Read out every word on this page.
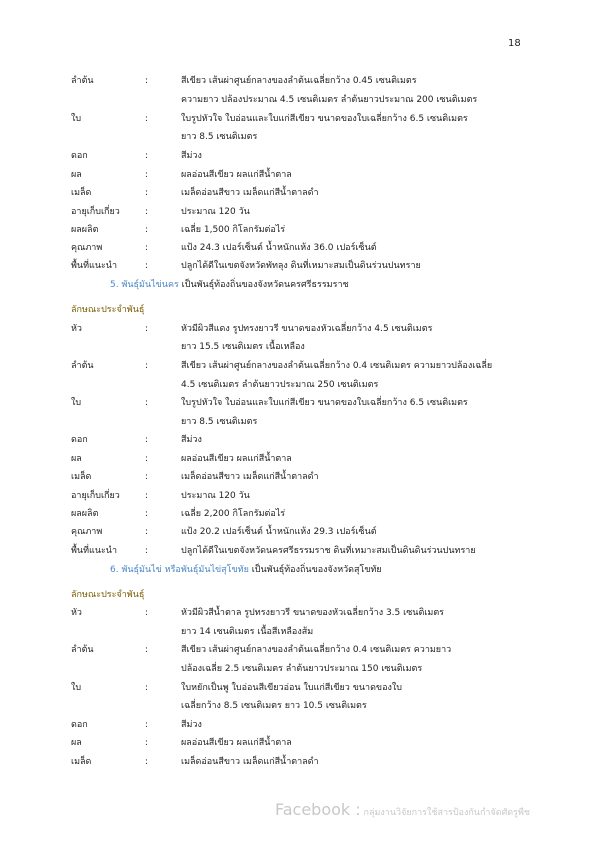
18
ลำต้น	:	สีเขียว เส้นผ่าศูนย์กลางของลำต้นเฉลี่ยกว้าง 0.45 เซนติเมตร
ความยาว ปล้องประมาณ 4.5 เซนติเมตร ลำต้นยาวประมาณ 200 เซนติเมตร
ใบ	:	ใบรูปหัวใจ ใบอ่อนและใบแก่สีเขียว ขนาดของใบเฉลี่ยกว้าง 6.5 เซนติเมตร
ยาว 8.5 เซนติเมตร
ดอก	:	สีม่วง
ผล	:	ผลอ่อนสีเขียว ผลแก่สีน้ำตาล
เมล็ด	:	เมล็ดอ่อนสีขาว เมล็ดแก่สีน้ำตาลดำ
อายุเก็บเกี่ยว	:	ประมาณ 120 วัน
ผลผลิต	:	เฉลี่ย 1,500 กิโลกรัมต่อไร่
คุณภาพ	:	แป้ง 24.3 เปอร์เซ็นต์ น้ำหนักแห้ง 36.0 เปอร์เซ็นต์
พื้นที่แนะนำ	:	ปลูกได้ดีในเขตจังหวัดพัทลุง ดินที่เหมาะสมเป็นดินร่วนปนทราย
5. พันธุ์มันไข่นคร เป็นพันธุ์ท้องถิ่นของจังหวัดนครศรีธรรมราช
ลักษณะประจำพันธุ์
หัว	:	หัวมีผิวสีแดง รูปทรงยาวรี ขนาดของหัวเฉลี่ยกว้าง 4.5 เซนติเมตร
ยาว 15.5 เซนติเมตร เนื้อเหลือง
ลำต้น	:	สีเขียว เส้นผ่าศูนย์กลางของลำต้นเฉลี่ยกว้าง 0.4 เซนติเมตร ความยาวปล้องเฉลี่ย
4.5 เซนติเมตร ลำต้นยาวประมาณ 250 เซนติเมตร
ใบ	:	ใบรูปหัวใจ ใบอ่อนและใบแก่สีเขียว ขนาดของใบเฉลี่ยกว้าง 6.5 เซนติเมตร
ยาว 8.5 เซนติเมตร
ดอก	:	สีม่วง
ผล	:	ผลอ่อนสีเขียว ผลแก่สีน้ำตาล
เมล็ด	:	เมล็ดอ่อนสีขาว เมล็ดแก่สีน้ำตาลดำ
อายุเก็บเกี่ยว	:	ประมาณ 120 วัน
ผลผลิต	:	เฉลี่ย 2,200 กิโลกรัมต่อไร่
คุณภาพ	:	แป้ง 20.2 เปอร์เซ็นต์ น้ำหนักแห้ง 29.3 เปอร์เซ็นต์
พื้นที่แนะนำ	:	ปลูกได้ดีในเขตจังหวัดนครศรีธรรมราช ดินที่เหมาะสมเป็นดินดินร่วนปนทราย
6. พันธุ์มันไข่ หรือพันธุ์มันไข่สุโขทัย เป็นพันธุ์ท้องถิ่นของจังหวัดสุโขทัย
ลักษณะประจำพันธุ์
หัว	:	หัวมีผิวสีน้ำตาล รูปทรงยาวรี ขนาดของหัวเฉลี่ยกว้าง 3.5 เซนติเมตร
ยาว 14 เซนติเมตร เนื้อสีเหลืองส้ม
ลำต้น	:	สีเขียว เส้นผ่าศูนย์กลางของลำต้นเฉลี่ยกว้าง 0.4 เซนติเมตร ความยาว
ปล้องเฉลี่ย 2.5 เซนติเมตร ลำต้นยาวประมาณ 150 เซนติเมตร
ใบ	:	ใบหยักเป็นพู ใบอ่อนสีเขียวอ่อน ใบแก่สีเขียว ขนาดของใบ
เฉลี่ยกว้าง 8.5 เซนติเมตร ยาว 10.5 เซนติเมตร
ดอก	:	สีม่วง
ผล	:	ผลอ่อนสีเขียว ผลแก่สีน้ำตาล
เมล็ด	:	เมล็ดอ่อนสีขาว เมล็ดแก่สีน้ำตาลดำ
Facebook : กลุ่มงานวิจัยการใช้สารป้องกันกำจัดศัตรูพืช
